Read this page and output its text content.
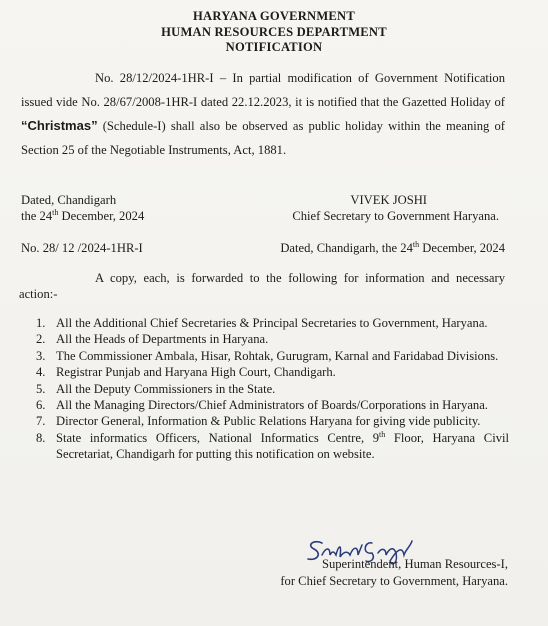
HARYANA GOVERNMENT
HUMAN RESOURCES DEPARTMENT
NOTIFICATION
No. 28/12/2024-1HR-I – In partial modification of Government Notification issued vide No. 28/67/2008-1HR-I dated 22.12.2023, it is notified that the Gazetted Holiday of “Christmas” (Schedule-I) shall also be observed as public holiday within the meaning of Section 25 of the Negotiable Instruments, Act, 1881.
Dated, Chandigarh	VIVEK JOSHI
the 24th December, 2024	Chief Secretary to Government Haryana.
No. 28/ 12 /2024-1HR-I	Dated, Chandigarh, the 24th December, 2024
A copy, each, is forwarded to the following for information and necessary action:-
1. All the Additional Chief Secretaries & Principal Secretaries to Government, Haryana.
2. All the Heads of Departments in Haryana.
3. The Commissioner Ambala, Hisar, Rohtak, Gurugram, Karnal and Faridabad Divisions.
4. Registrar Punjab and Haryana High Court, Chandigarh.
5. All the Deputy Commissioners in the State.
6. All the Managing Directors/Chief Administrators of Boards/Corporations in Haryana.
7. Director General, Information & Public Relations Haryana for giving vide publicity.
8. State informatics Officers, National Informatics Centre, 9th Floor, Haryana Civil Secretariat, Chandigarh for putting this notification on website.
Superintendent, Human Resources-I,
for Chief Secretary to Government, Haryana.
